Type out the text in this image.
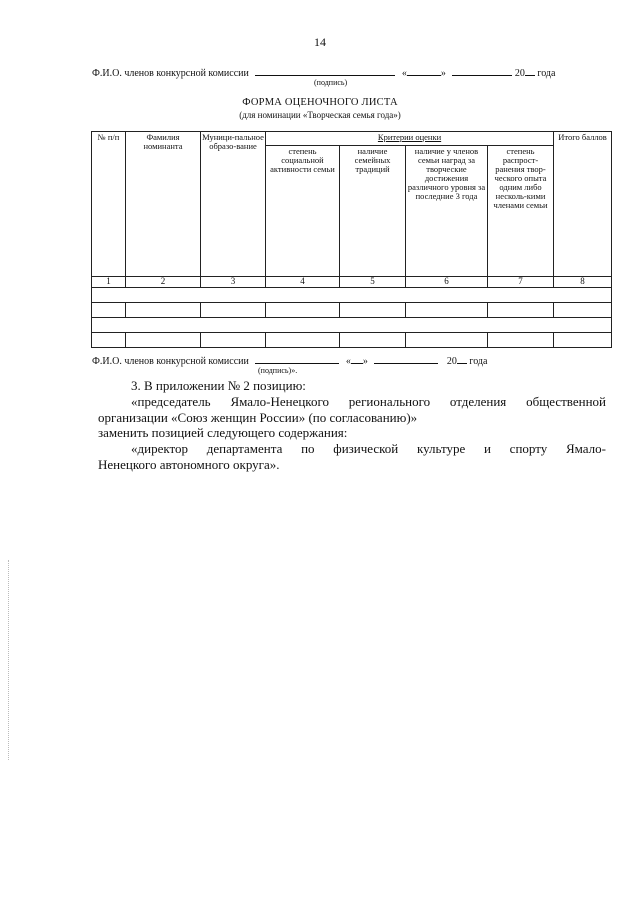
14
Ф.И.О. членов конкурсной комиссии	«	»	20 года
(подпись)
ФОРМА ОЦЕНОЧНОГО ЛИСТА
(для номинации «Творческая семья года»)
№ п/п	Фамилия номинанта	Муници-пальное образо-вание	Критерии оценки				Итого баллов
			степень социальной активности семьи	наличие семейных традиций	наличие у членов семьи наград за творческие достижения различного уровня за последние 3 года	степень распрост-ранения твор-ческого опыта одним либо несколь-кими членами семьи	
1	2	3	4	5	6	7	8

Ф.И.О. членов конкурсной комиссии	« »	20 года
(подпись)».
3. В приложении № 2 позицию:
«председатель Ямало-Ненецкого регионального отделения общественной
организации «Союз женщин России» (по согласованию)»
заменить позицией следующего содержания:
«директор департамента по физической культуре и спорту Ямало-
Ненецкого автономного округа».
